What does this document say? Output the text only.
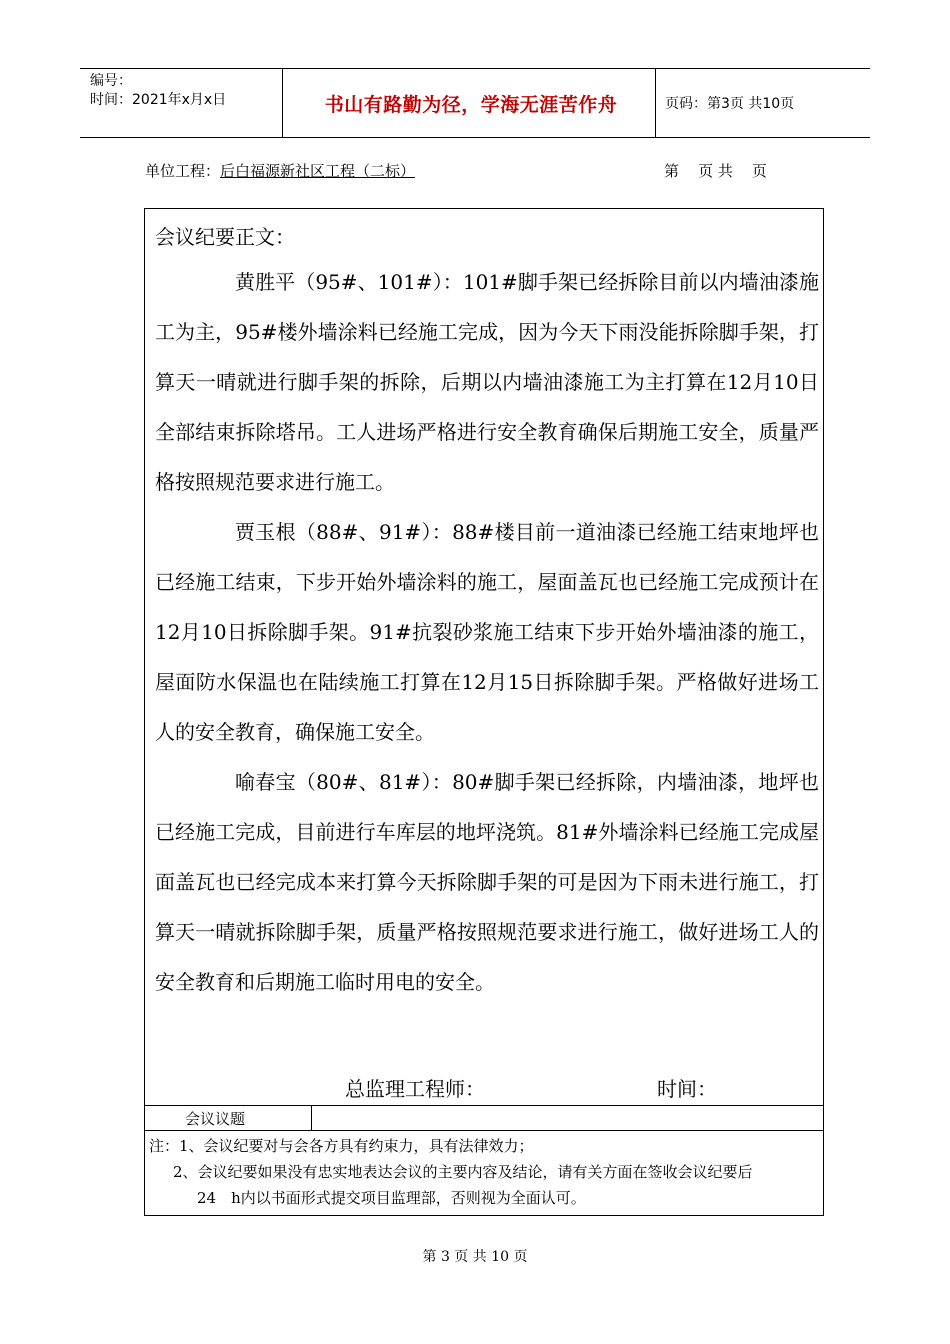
编号：
时间：2021年x月x日	书山有路勤为径，学海无涯苦作舟	页码：第3页 共10页
单位工程：后白福源新社区工程（二标）	第    页 共    页
会议纪要正文：

黄胜平（95#、101#）：101#脚手架已经拆除目前以内墙油漆施工为主，95#楼外墙涂料已经施工完成，因为今天下雨没能拆除脚手架，打算天一晴就进行脚手架的拆除，后期以内墙油漆施工为主打算在12月10日全部结束拆除塔吊。工人进场严格进行安全教育确保后期施工安全，质量严格按照规范要求进行施工。

贾玉根（88#、91#）：88#楼目前一道油漆已经施工结束地坪也已经施工结束，下步开始外墙涂料的施工，屋面盖瓦也已经施工完成预计在12月10日拆除脚手架。91#抗裂砂浆施工结束下步开始外墙油漆的施工，屋面防水保温也在陆续施工打算在12月15日拆除脚手架。严格做好进场工人的安全教育，确保施工安全。

喻春宝（80#、81#）：80#脚手架已经拆除，内墙油漆，地坪也已经施工完成，目前进行车库层的地坪浇筑。81#外墙涂料已经施工完成屋面盖瓦也已经完成本来打算今天拆除脚手架的可是因为下雨未进行施工，打算天一晴就拆除脚手架，质量严格按照规范要求进行施工，做好进场工人的安全教育和后期施工临时用电的安全。

总监理工程师：	时间：
会议议题

注：1、会议纪要对与会各方具有约束力，具有法律效力；

2、会议纪要如果没有忠实地表达会议的主要内容及结论，请有关方面在签收会议纪要后

24　h内以书面形式提交项目监理部，否则视为全面认可。

第 3 页 共 10 页
